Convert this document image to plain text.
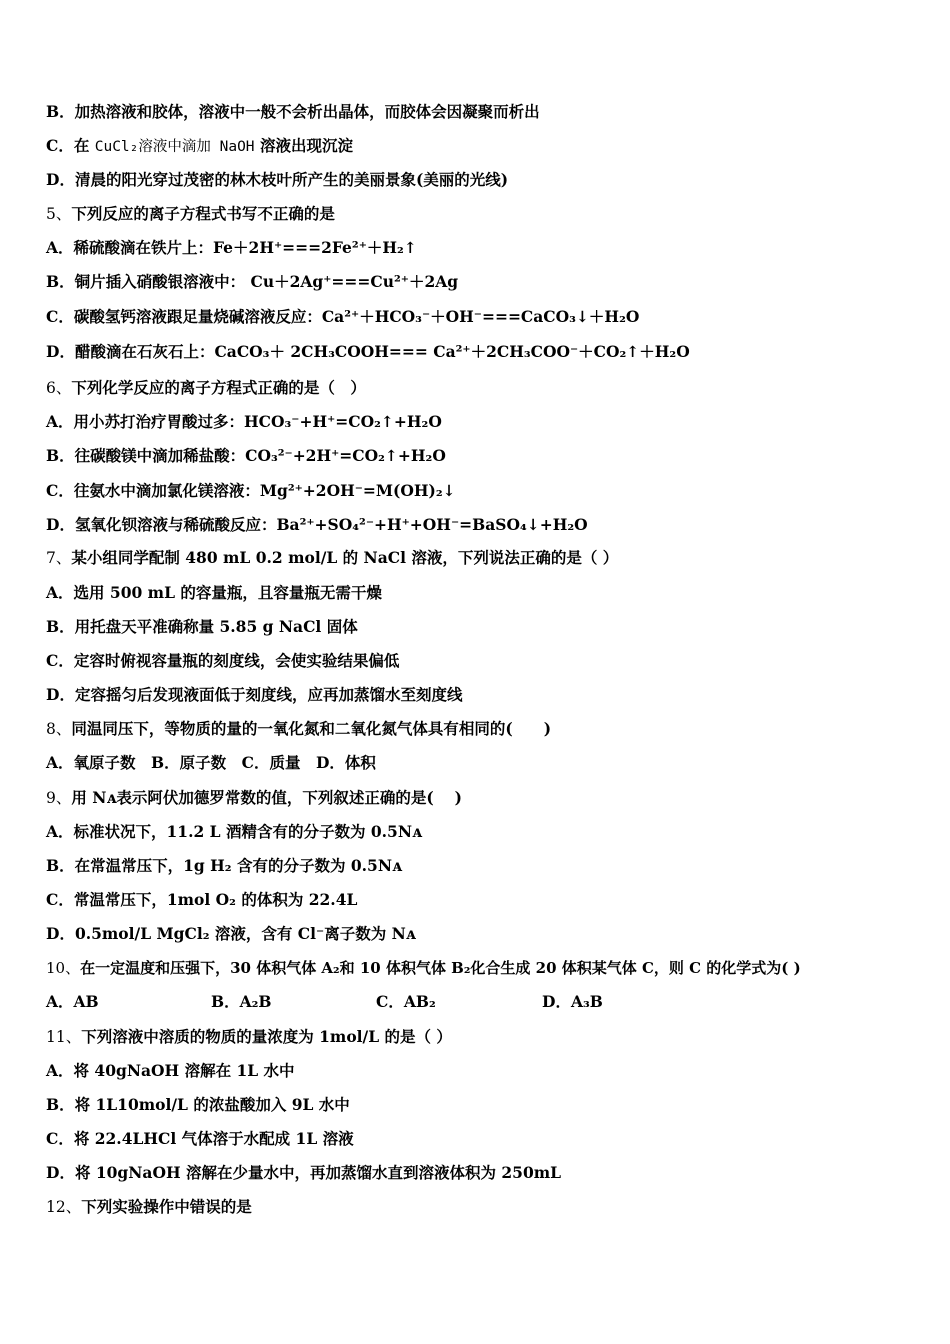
B．加热溶液和胶体，溶液中一般不会析出晶体，而胶体会因凝聚而析出
C．在 CuCl₂溶液中滴加 NaOH 溶液出现沉淀
D．清晨的阳光穿过茂密的林木枝叶所产生的美丽景象(美丽的光线)
5、下列反应的离子方程式书写不正确的是
A．稀硫酸滴在铁片上：Fe＋2H⁺===2Fe²⁺＋H₂↑
B．铜片插入硝酸银溶液中： Cu＋2Ag⁺===Cu²⁺＋2Ag
C．碳酸氢钙溶液跟足量烧碱溶液反应：Ca²⁺＋HCO₃⁻＋OH⁻===CaCO₃↓＋H₂O
D．醋酸滴在石灰石上：CaCO₃＋ 2CH₃COOH=== Ca²⁺＋2CH₃COO⁻＋CO₂↑＋H₂O
6、下列化学反应的离子方程式正确的是（　）
A．用小苏打治疗胃酸过多：HCO₃⁻+H⁺=CO₂↑+H₂O
B．往碳酸镁中滴加稀盐酸：CO₃²⁻+2H⁺=CO₂↑+H₂O
C．往氨水中滴加氯化镁溶液：Mg²⁺+2OH⁻=M(OH)₂↓
D．氢氧化钡溶液与稀硫酸反应：Ba²⁺+SO₄²⁻+H⁺+OH⁻=BaSO₄↓+H₂O
7、某小组同学配制 480 mL 0.2 mol/L 的 NaCl 溶液，下列说法正确的是（ ）
A．选用 500 mL 的容量瓶，且容量瓶无需干燥
B．用托盘天平准确称量 5.85 g NaCl 固体
C．定容时俯视容量瓶的刻度线，会使实验结果偏低
D．定容摇匀后发现液面低于刻度线，应再加蒸馏水至刻度线
8、同温同压下，等物质的量的一氧化氮和二氧化氮气体具有相同的(　　)
A．氧原子数　B．原子数　C．质量　D．体积
9、用 Nᴀ表示阿伏加德罗常数的值，下列叙述正确的是(　 )
A．标准状况下，11.2 L 酒精含有的分子数为 0.5Nᴀ
B．在常温常压下，1g H₂ 含有的分子数为 0.5Nᴀ
C．常温常压下，1mol O₂ 的体积为 22.4L
D．0.5mol/L MgCl₂ 溶液，含有 Cl⁻离子数为 Nᴀ
10、在一定温度和压强下，30 体积气体 A₂和 10 体积气体 B₂化合生成 20 体积某气体 C，则 C 的化学式为( )
A．AB	B．A₂B	C．AB₂	D．A₃B
11、下列溶液中溶质的物质的量浓度为 1mol/L 的是（ ）
A．将 40gNaOH 溶解在 1L 水中
B．将 1L10mol/L 的浓盐酸加入 9L 水中
C．将 22.4LHCl 气体溶于水配成 1L 溶液
D．将 10gNaOH 溶解在少量水中，再加蒸馏水直到溶液体积为 250mL
12、下列实验操作中错误的是
